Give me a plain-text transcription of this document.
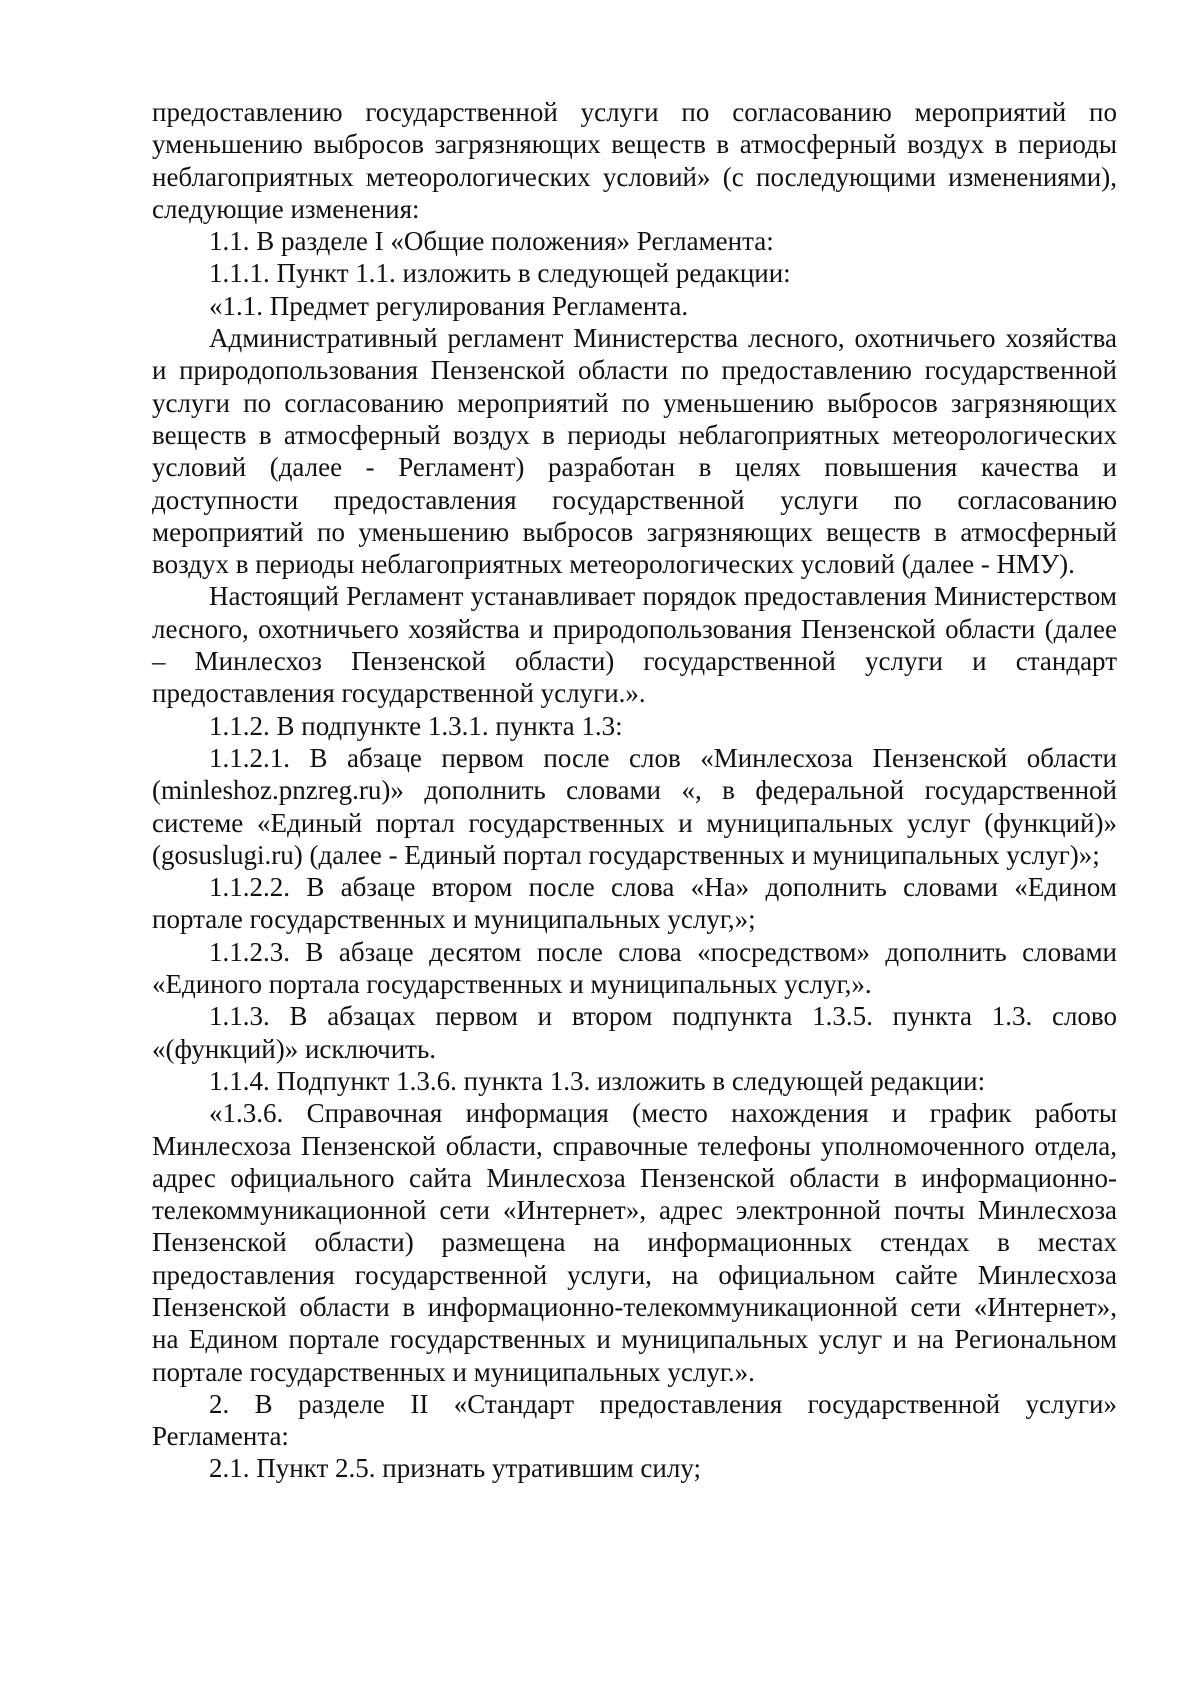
предоставлению государственной услуги по согласованию мероприятий по уменьшению выбросов загрязняющих веществ в атмосферный воздух в периоды неблагоприятных метеорологических условий» (с последующими изменениями), следующие изменения:

1.1. В разделе I «Общие положения» Регламента:

1.1.1. Пункт 1.1. изложить в следующей редакции:

«1.1. Предмет регулирования Регламента.

Административный регламент Министерства лесного, охотничьего хозяйства и природопользования Пензенской области по предоставлению государственной услуги по согласованию мероприятий по уменьшению выбросов загрязняющих веществ в атмосферный воздух в периоды неблагоприятных метеорологических условий (далее - Регламент) разработан в целях повышения качества и доступности предоставления государственной услуги по согласованию мероприятий по уменьшению выбросов загрязняющих веществ в атмосферный воздух в периоды неблагоприятных метеорологических условий (далее - НМУ).

Настоящий Регламент устанавливает порядок предоставления Министерством лесного, охотничьего хозяйства и природопользования Пензенской области (далее – Минлесхоз Пензенской области) государственной услуги и стандарт предоставления государственной услуги.».

1.1.2. В подпункте 1.3.1. пункта 1.3:

1.1.2.1. В абзаце первом после слов «Минлесхоза Пензенской области (minleshoz.pnzreg.ru)» дополнить словами «, в федеральной государственной системе «Единый портал государственных и муниципальных услуг (функций)» (gosuslugi.ru) (далее - Единый портал государственных и муниципальных услуг)»;

1.1.2.2. В абзаце втором после слова «На» дополнить словами «Едином портале государственных и муниципальных услуг,»;

1.1.2.3. В абзаце десятом после слова «посредством» дополнить словами «Единого портала государственных и муниципальных услуг,».

1.1.3. В абзацах первом и втором подпункта 1.3.5. пункта 1.3. слово «(функций)» исключить.

1.1.4. Подпункт 1.3.6. пункта 1.3. изложить в следующей редакции:

«1.3.6. Справочная информация (место нахождения и график работы Минлесхоза Пензенской области, справочные телефоны уполномоченного отдела, адрес официального сайта Минлесхоза Пензенской области в информационно-телекоммуникационной сети «Интернет», адрес электронной почты Минлесхоза Пензенской области) размещена на информационных стендах в местах предоставления государственной услуги, на официальном сайте Минлесхоза Пензенской области в информационно-телекоммуникационной сети «Интернет», на Едином портале государственных и муниципальных услуг и на Региональном портале государственных и муниципальных услуг.».

2. В разделе II «Стандарт предоставления государственной услуги» Регламента:

2.1. Пункт 2.5. признать утратившим силу;
